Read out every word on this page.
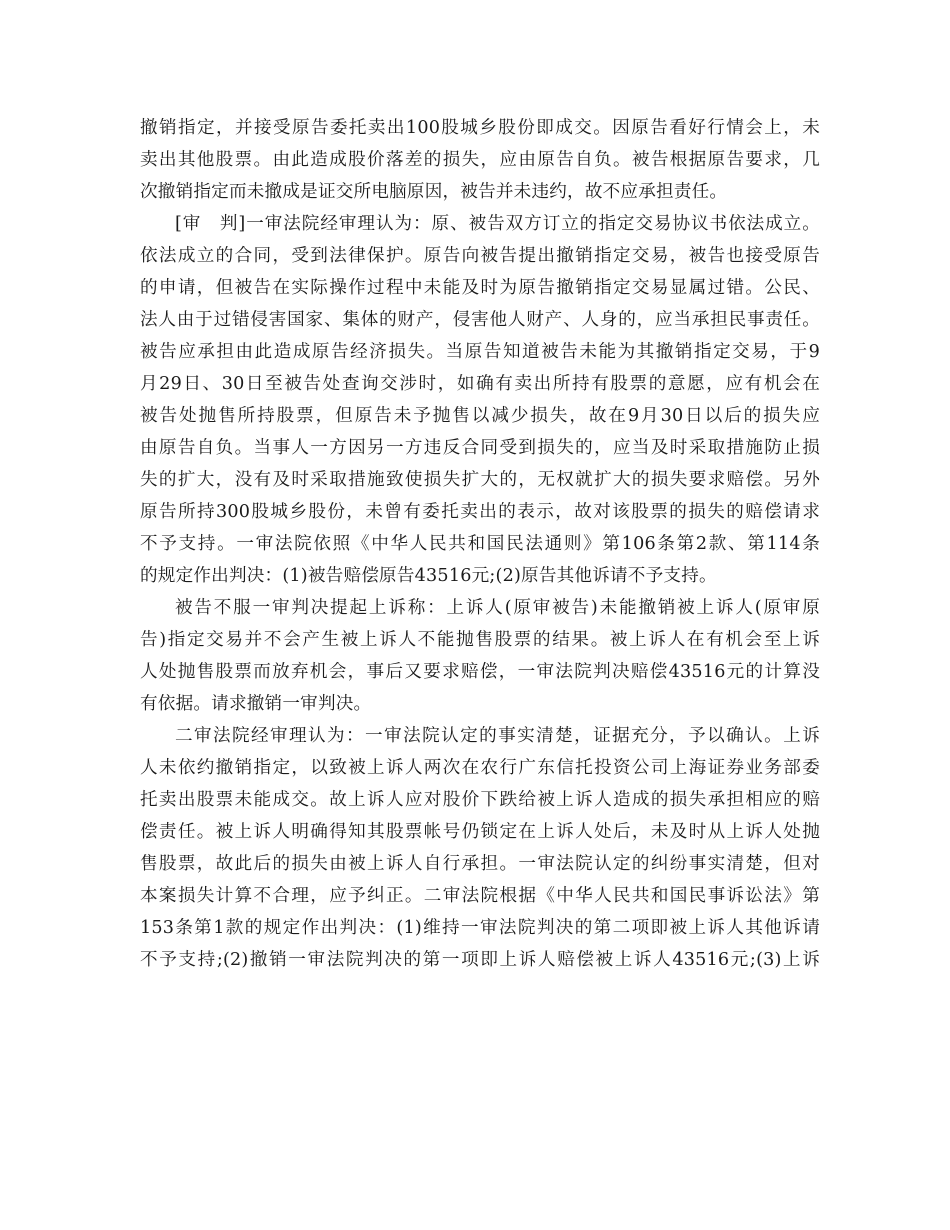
撤销指定，并接受原告委托卖出100股城乡股份即成交。因原告看好行情会上，未
卖出其他股票。由此造成股价落差的损失，应由原告自负。被告根据原告要求，几
次撤销指定而未撤成是证交所电脑原因，被告并未违约，故不应承担责任。
[审　判]一审法院经审理认为：原、被告双方订立的指定交易协议书依法成立。
依法成立的合同，受到法律保护。原告向被告提出撤销指定交易，被告也接受原告
的申请，但被告在实际操作过程中未能及时为原告撤销指定交易显属过错。公民、
法人由于过错侵害国家、集体的财产，侵害他人财产、人身的，应当承担民事责任。
被告应承担由此造成原告经济损失。当原告知道被告未能为其撤销指定交易，于9
月29日、30日至被告处查询交涉时，如确有卖出所持有股票的意愿，应有机会在
被告处抛售所持股票，但原告未予抛售以减少损失，故在9月30日以后的损失应
由原告自负。当事人一方因另一方违反合同受到损失的，应当及时采取措施防止损
失的扩大，没有及时采取措施致使损失扩大的，无权就扩大的损失要求赔偿。另外
原告所持300股城乡股份，未曾有委托卖出的表示，故对该股票的损失的赔偿请求
不予支持。一审法院依照《中华人民共和国民法通则》第106条第2款、第114条
的规定作出判决：(1)被告赔偿原告43516元;(2)原告其他诉请不予支持。
被告不服一审判决提起上诉称：上诉人(原审被告)未能撤销被上诉人(原审原
告)指定交易并不会产生被上诉人不能抛售股票的结果。被上诉人在有机会至上诉
人处抛售股票而放弃机会，事后又要求赔偿，一审法院判决赔偿43516元的计算没
有依据。请求撤销一审判决。
二审法院经审理认为：一审法院认定的事实清楚，证据充分，予以确认。上诉
人未依约撤销指定，以致被上诉人两次在农行广东信托投资公司上海证券业务部委
托卖出股票未能成交。故上诉人应对股价下跌给被上诉人造成的损失承担相应的赔
偿责任。被上诉人明确得知其股票帐号仍锁定在上诉人处后，未及时从上诉人处抛
售股票，故此后的损失由被上诉人自行承担。一审法院认定的纠纷事实清楚，但对
本案损失计算不合理，应予纠正。二审法院根据《中华人民共和国民事诉讼法》第
153条第1款的规定作出判决：(1)维持一审法院判决的第二项即被上诉人其他诉请
不予支持;(2)撤销一审法院判决的第一项即上诉人赔偿被上诉人43516元;(3)上诉
